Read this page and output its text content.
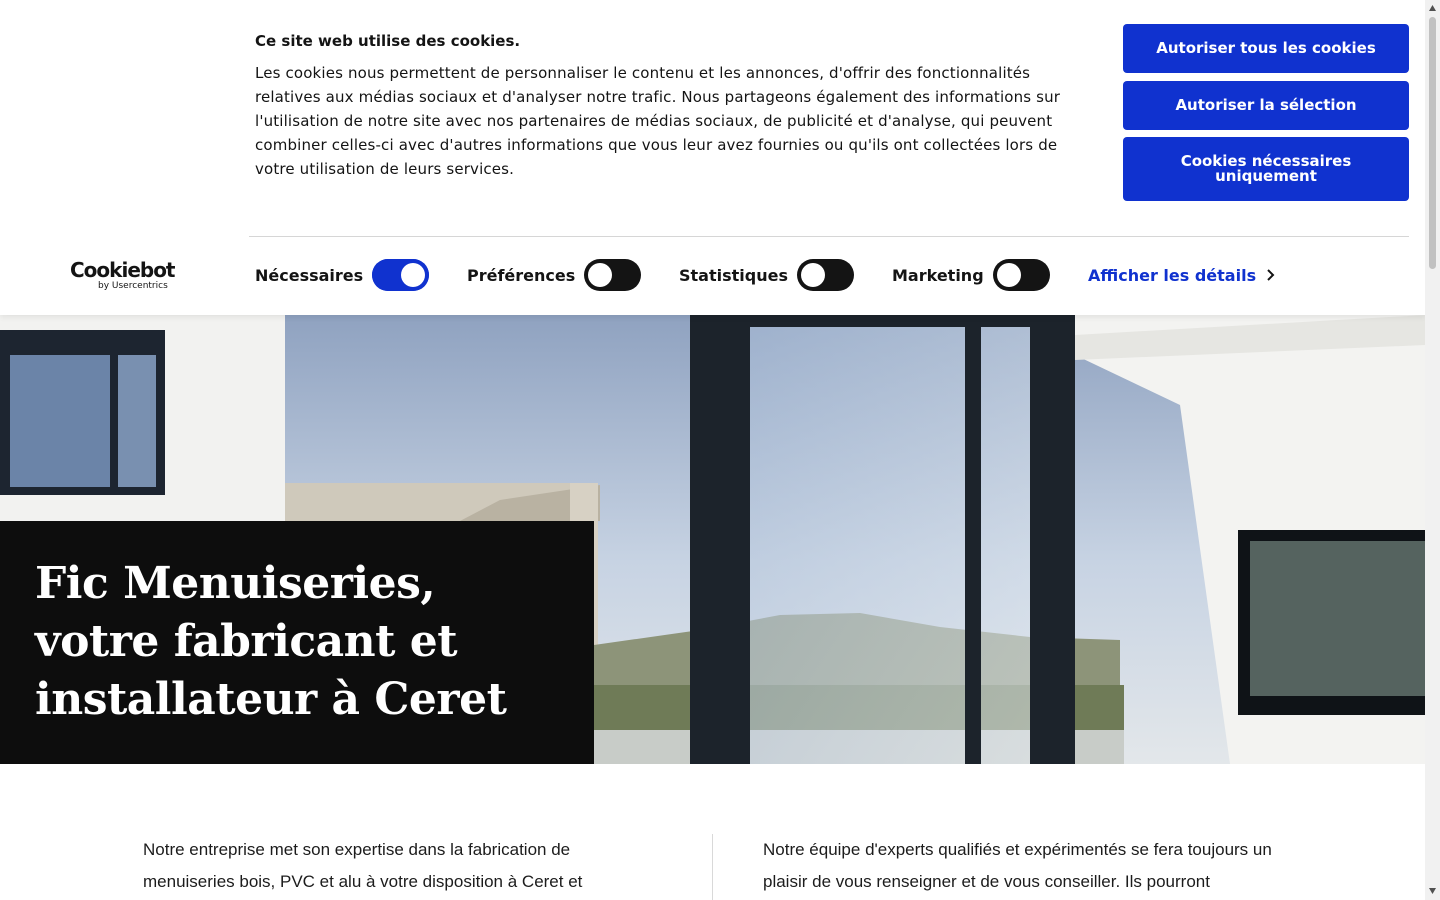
Fic Menuiseries, votre fabricant et installateur à Ceret

Notre entreprise met son expertise dans la fabrication de menuiseries bois, PVC et alu à votre disposition à Ceret et

Notre équipe d'experts qualifiés et expérimentés se fera toujours un plaisir de vous renseigner et de vous conseiller. Ils pourront

Ce site web utilise des cookies.

Les cookies nous permettent de personnaliser le contenu et les annonces, d'offrir des fonctionnalités relatives aux médias sociaux et d'analyser notre trafic. Nous partageons également des informations sur l'utilisation de notre site avec nos partenaires de médias sociaux, de publicité et d'analyse, qui peuvent combiner celles-ci avec d'autres informations que vous leur avez fournies ou qu'ils ont collectées lors de votre utilisation de leurs services.

Autoriser tous les cookies
Autoriser la sélection
Cookies nécessaires uniquement
Cookiebot
by Usercentrics
Nécessaires	Préférences	Statistiques	Marketing	Afficher les détails
